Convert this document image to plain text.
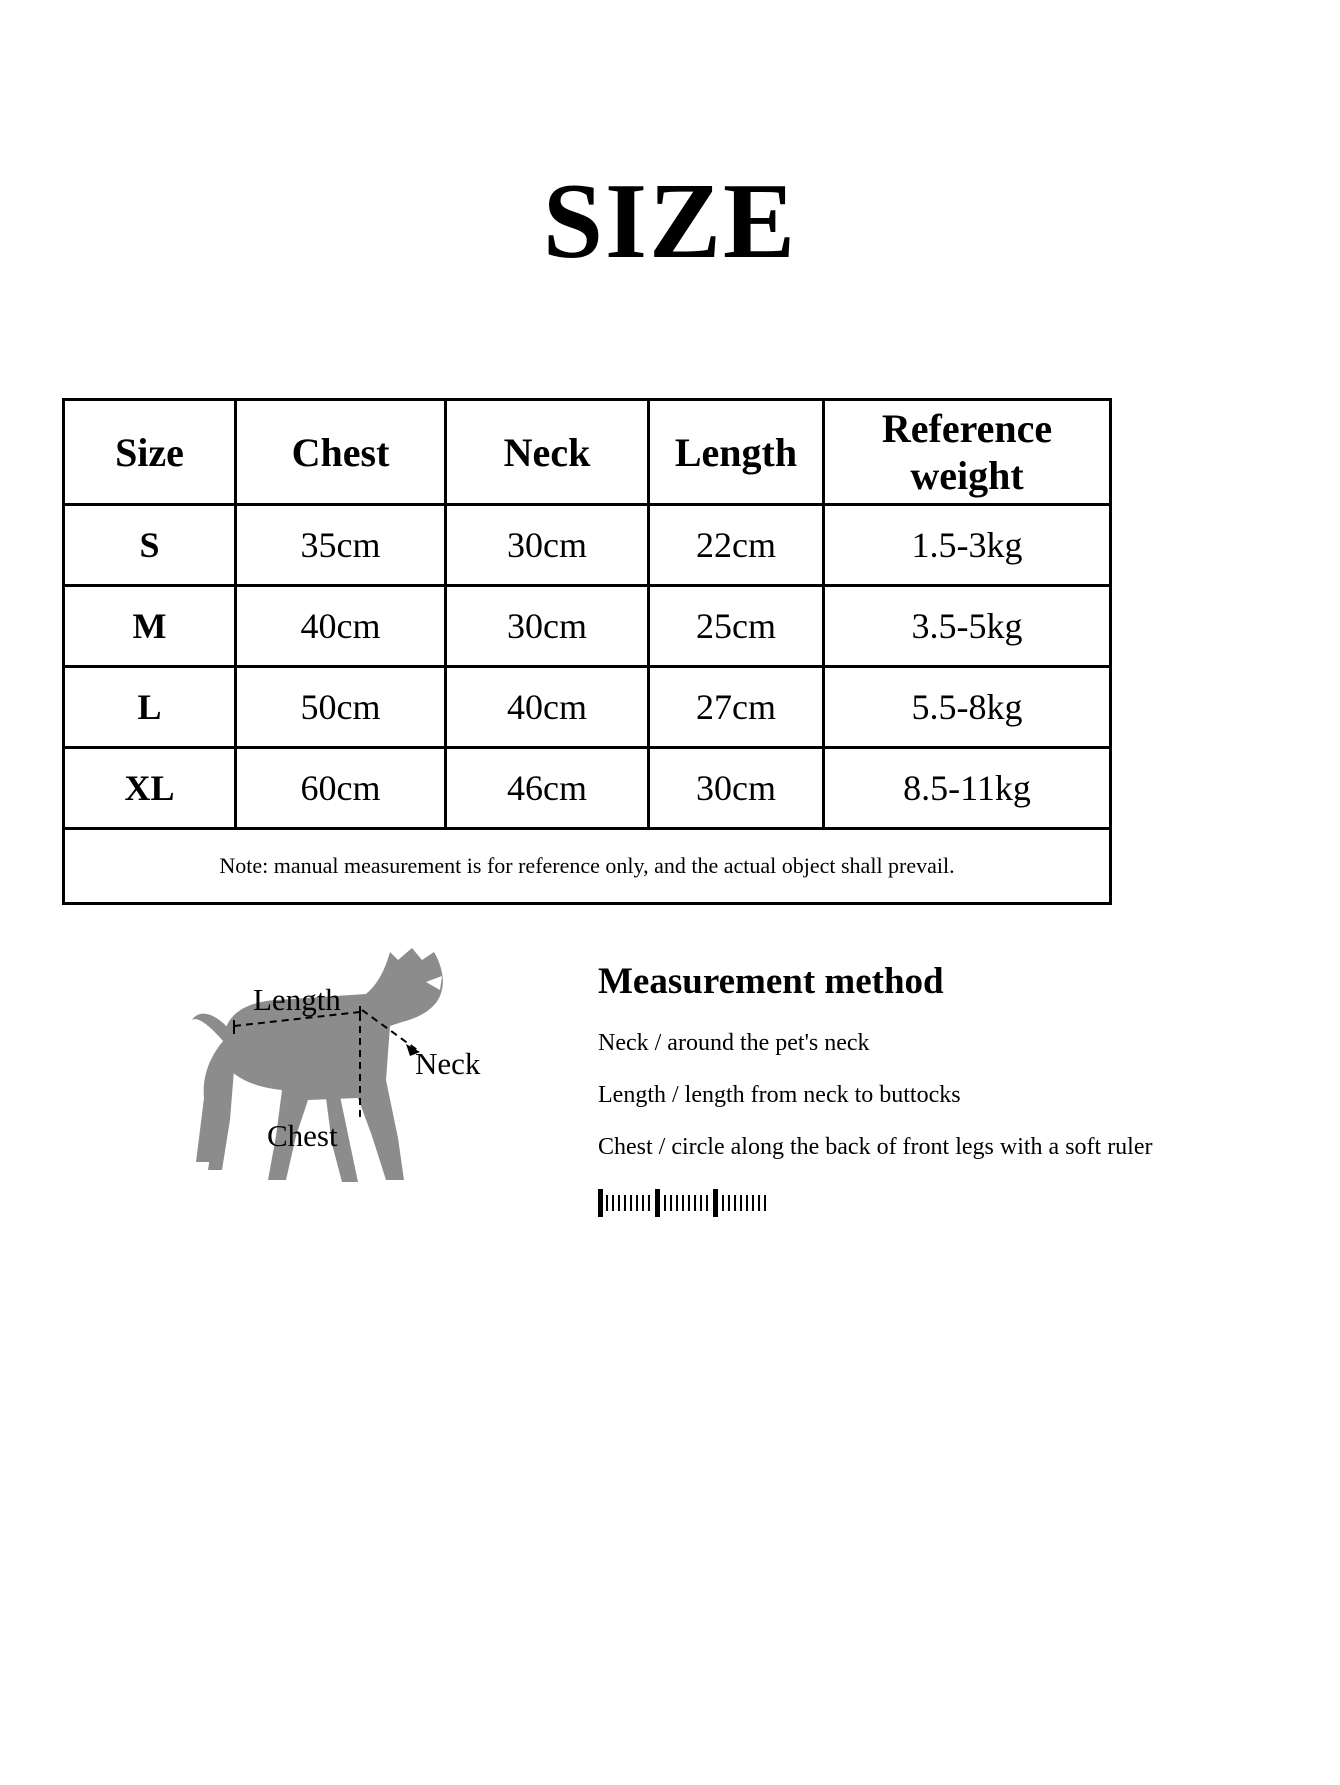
SIZE
Size	Chest	Neck	Length	Reference weight
S	35cm	30cm	22cm	1.5-3kg
M	40cm	30cm	25cm	3.5-5kg
L	50cm	40cm	27cm	5.5-8kg
XL	60cm	46cm	30cm	8.5-11kg
Note: manual measurement is for reference only, and the actual object shall prevail.				
Length
Neck
Chest
Measurement method
Neck / around the pet's neck
Length / length from neck to buttocks
Chest / circle along the back of front legs with a soft ruler
